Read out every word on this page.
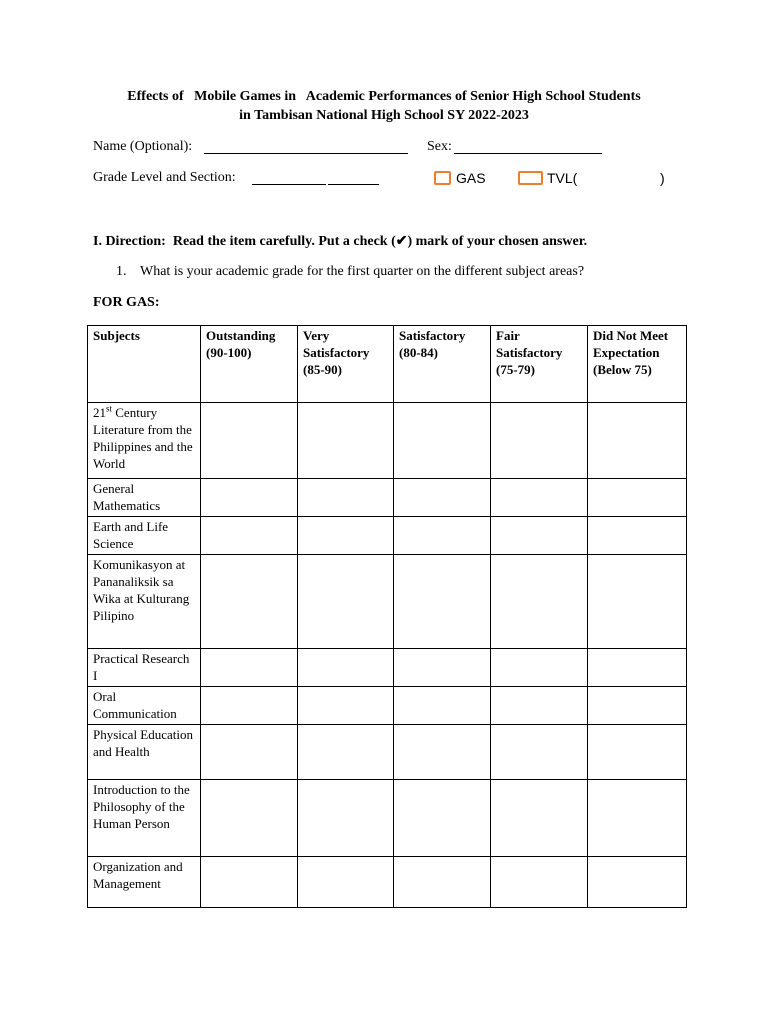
Effects of   Mobile Games in   Academic Performances of Senior High School Students
in Tambisan National High School SY 2022-2023
Name (Optional):	Sex:
Grade Level and Section:	GAS	TVL(	)
I. Direction:  Read the item carefully. Put a check (✔) mark of your chosen answer.
1. What is your academic grade for the first quarter on the different subject areas?
FOR GAS:
Subjects	Outstanding (90-100)	Very Satisfactory (85-90)	Satisfactory (80-84)	Fair Satisfactory (75-79)	Did Not Meet Expectation (Below 75)
21st Century Literature from the Philippines and the World					
General Mathematics					
Earth and Life Science					
Komunikasyon at Pananaliksik sa Wika at Kulturang Pilipino					
Practical Research I					
Oral Communication					
Physical Education and Health					
Introduction to the Philosophy of the Human Person					
Organization and Management					
